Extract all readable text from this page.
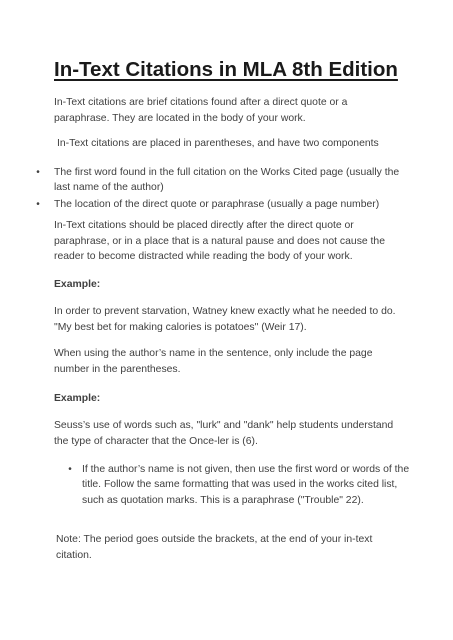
In-Text Citations in MLA 8th Edition

In-Text citations are brief citations found after a direct quote or a paraphrase. They are located in the body of your work.

In-Text citations are placed in parentheses, and have two components

• The first word found in the full citation on the Works Cited page (usually the last name of the author)
• The location of the direct quote or paraphrase (usually a page number)

In-Text citations should be placed directly after the direct quote or paraphrase, or in a place that is a natural pause and does not cause the reader to become distracted while reading the body of your work.

Example:

In order to prevent starvation, Watney knew exactly what he needed to do. "My best bet for making calories is potatoes" (Weir 17).

When using the author’s name in the sentence, only include the page number in the parentheses.

Example:

Seuss’s use of words such as, "lurk" and "dank" help students understand the type of character that the Once-ler is (6).

• If the author’s name is not given, then use the first word or words of the title. Follow the same formatting that was used in the works cited list, such as quotation marks. This is a paraphrase ("Trouble" 22).

Note: The period goes outside the brackets, at the end of your in-text citation.
